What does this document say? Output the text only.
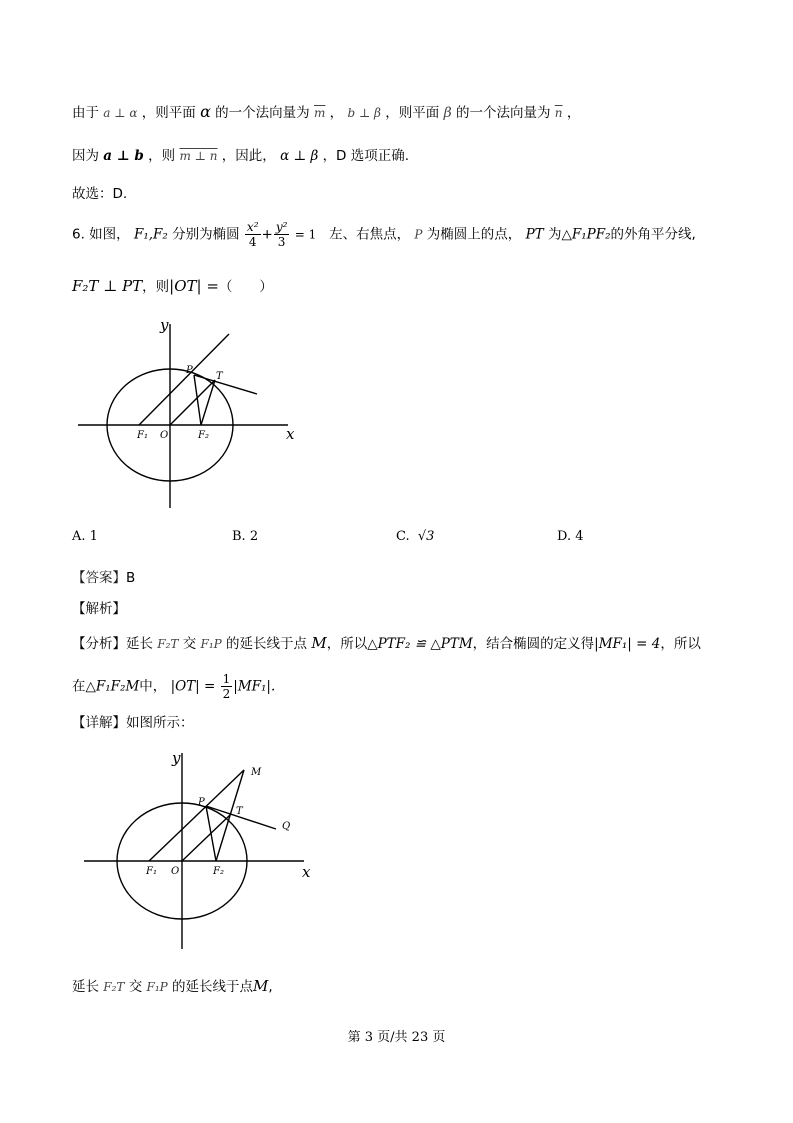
由于 a ⊥ α ，则平面 α 的一个法向量为 $\overline{m}$ ， b ⊥ β ，则平面 β 的一个法向量为 $\overline{n}$ ，
因为 a ⊥ b ，则 m ⊥ n ，因此， α ⊥ β ，D 选项正确.
故选：D.
6. 如图， F₁,F₂ 分别为椭圆 $\frac{\text{x²}}{4} + \frac{\text{y²}}{3} = 1$ 左、右焦点， P 为椭圆上的点， PT 为△F₁PF₂的外角平分线,
F₂T ⊥ PT，则|OT| =（　　）
y
x
P
T
F₁ O	F₂
A. 1	B. 2	C. √3	D. 4
【答案】B
【解析】
【分析】延长 F₂T 交 F₁P 的延长线于点 M，所以△PTF₂ ≌ △PTM，结合椭圆的定义得|MF₁| = 4，所以
在△F₁F₂M中， $|OT| = \frac{1}{2} |MF_1|$.
【详解】如图所示：
y
x
M
P
T
Q
F₁ O	F₂
延长 F₂T 交 F₁P 的延长线于点M,
第 3 页/共 23 页
